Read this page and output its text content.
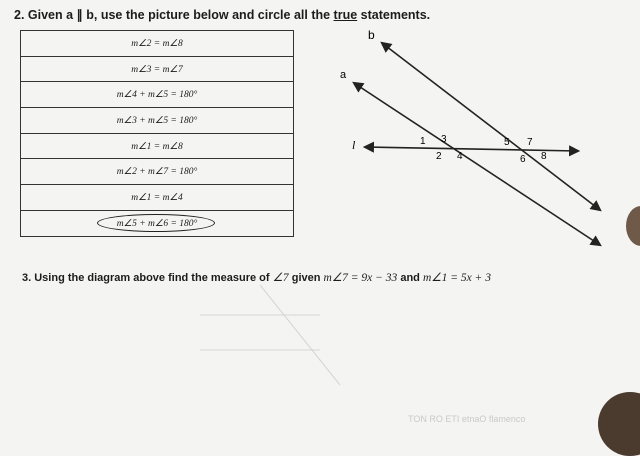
2. Given a ∥ b, use the picture below and circle all the true statements.
m∠2 = m∠8
m∠3 = m∠7
m∠4 + m∠5 = 180°
m∠3 + m∠5 = 180°
m∠1 = m∠8
m∠2 + m∠7 = 180°
m∠1 = m∠4
m∠5 + m∠6 = 180°
b
a
l	1 3
2 4
5 7
6 8
3. Using the diagram above find the measure of ∠7 given m∠7 = 9x − 33 and m∠1 = 5x + 3
TON RO ETI etnaO flamenco
